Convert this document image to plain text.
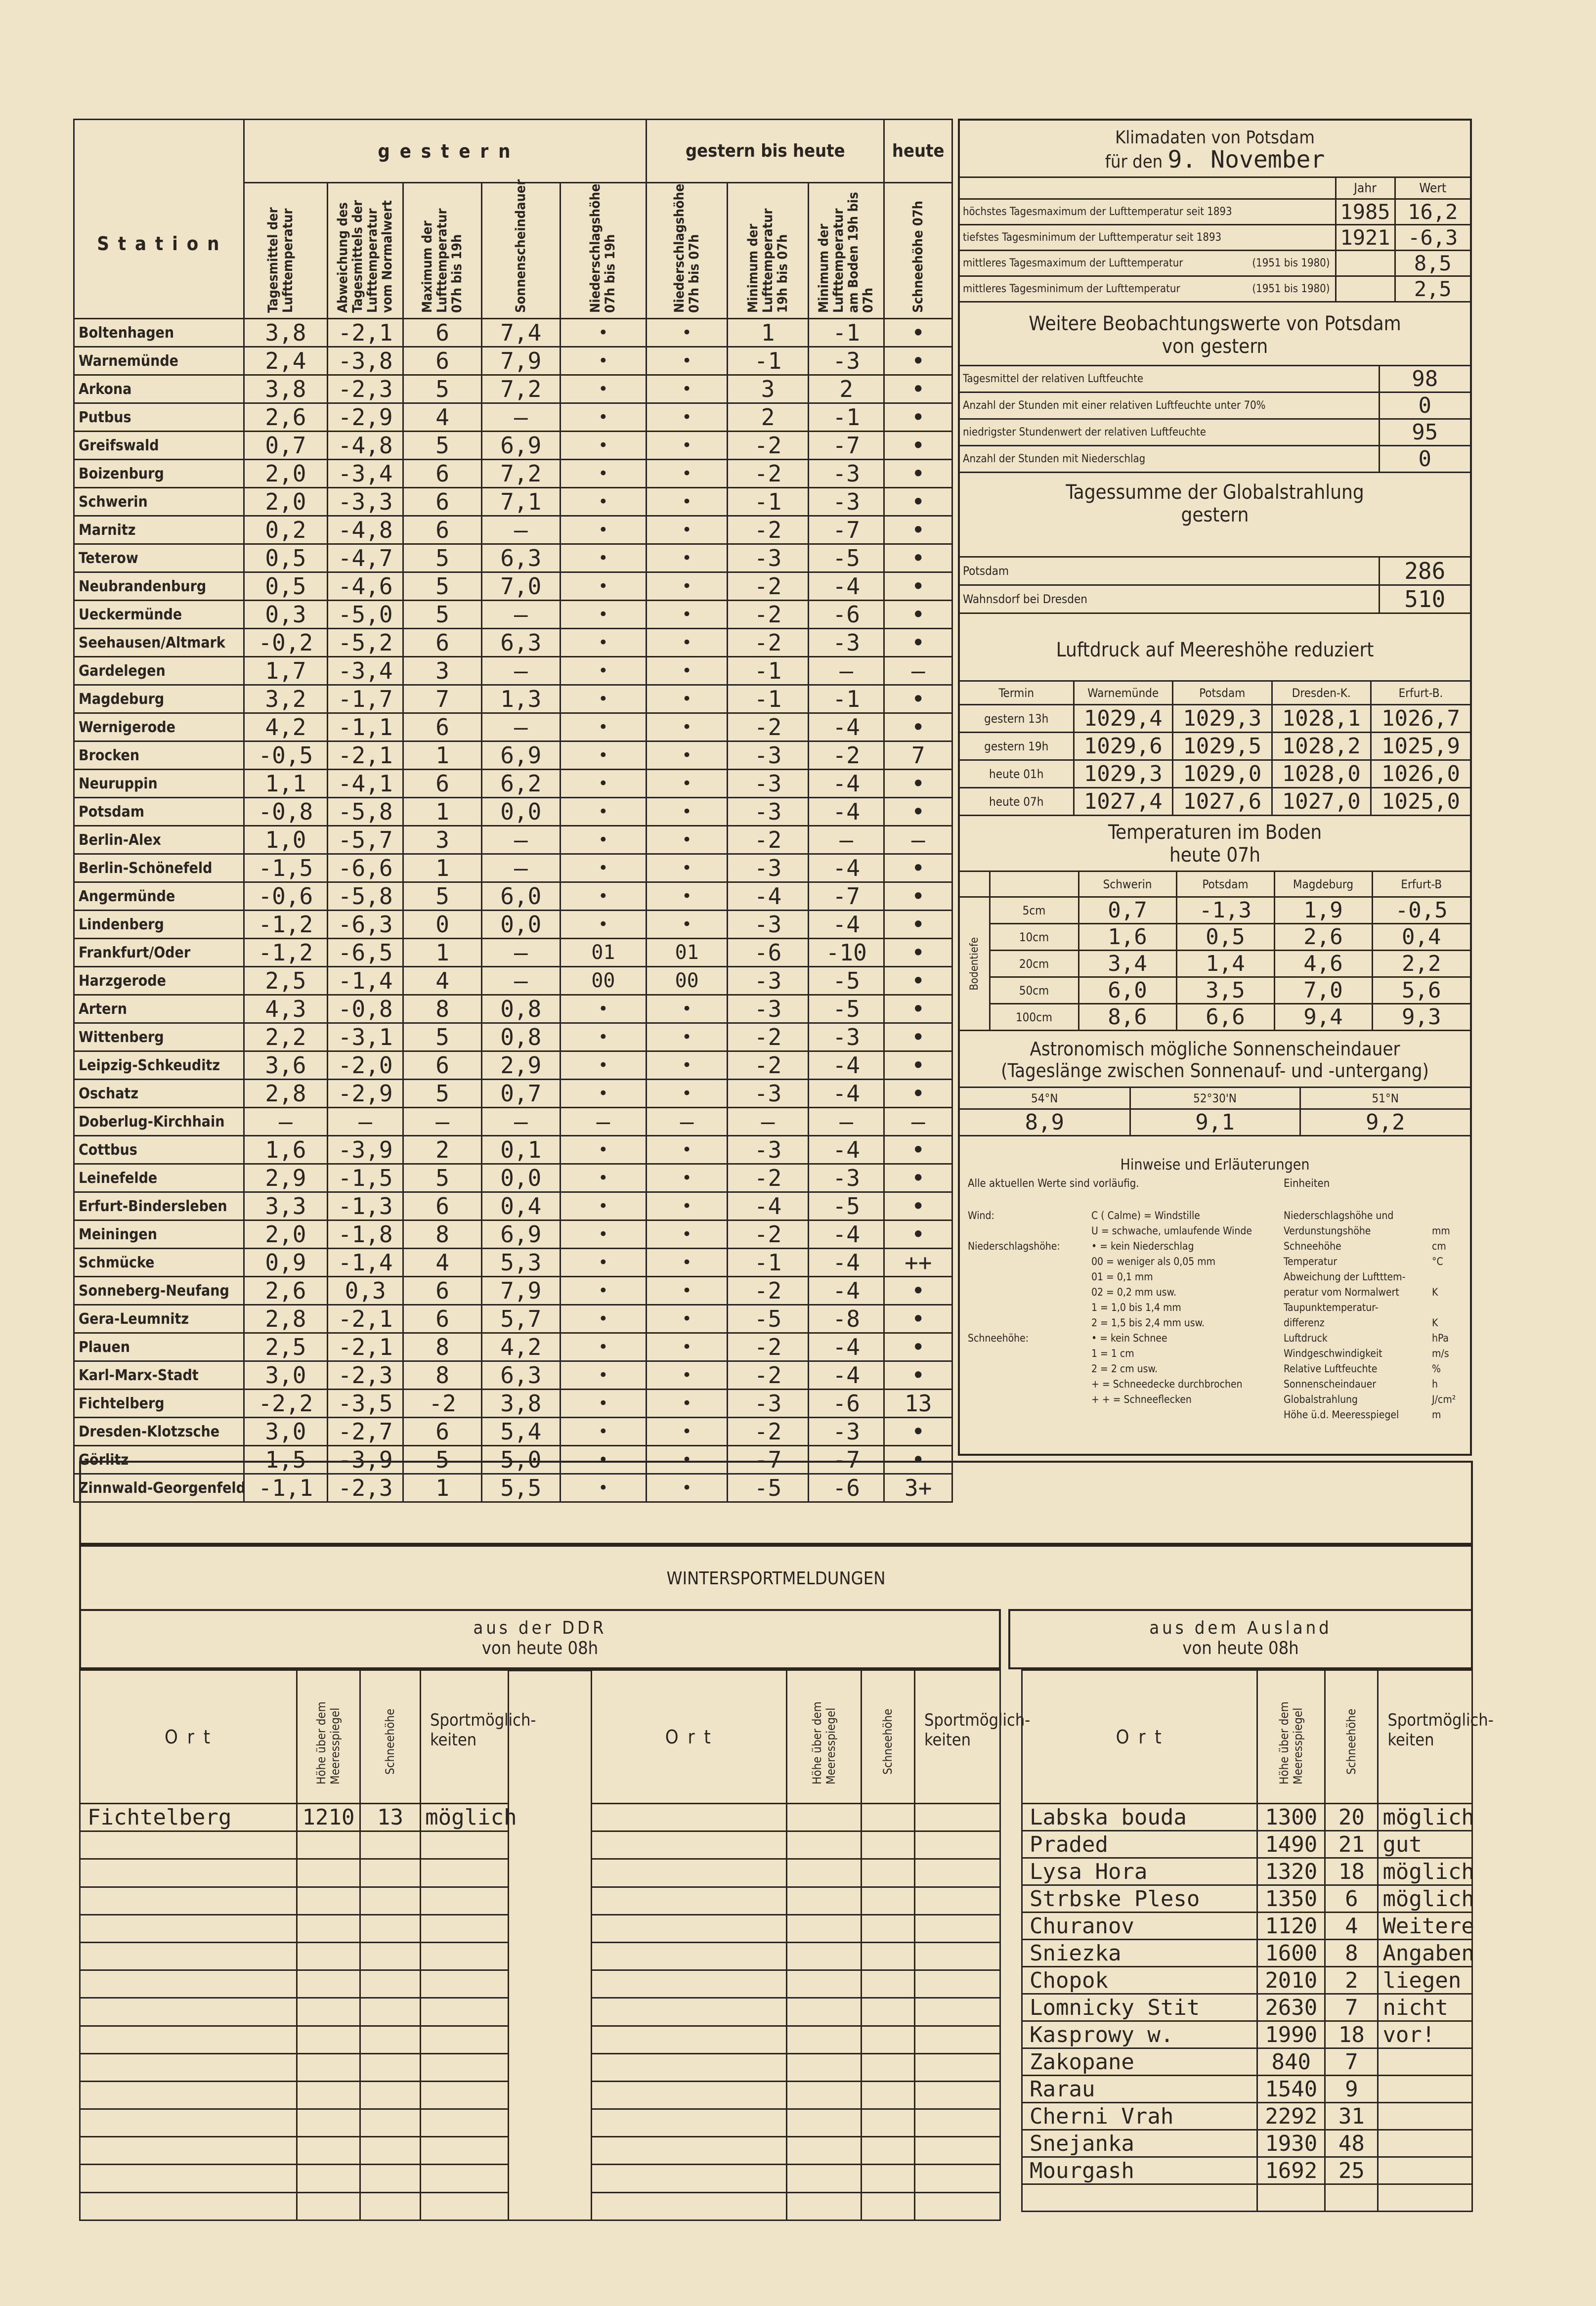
S t a t i o n	g e s t e r n					gestern bis heute			heute

	Tagesmittel der Lufttemperatur	Abweichung des Tagesmittels der Lufttemperatur vom Normalwert	Maximum der Lufttemperatur 07h bis 19h	Sonnenscheindauer	Niederschlagshöhe 07h bis 19h	Niederschlagshöhe 07h bis 07h	Minimum der Lufttemperatur 19h bis 07h	Minimum der Lufttemperatur am Boden 19h bis 07h	Schneehöhe 07h

Boltenhagen	3,8	-2,1	6	7,4	•	•	1	-1	•
Warnemünde	2,4	-3,8	6	7,9	•	•	-1	-3	•
Arkona	3,8	-2,3	5	7,2	•	•	3	2	•
Putbus	2,6	-2,9	4	–	•	•	2	-1	•
Greifswald	0,7	-4,8	5	6,9	•	•	-2	-7	•
Boizenburg	2,0	-3,4	6	7,2	•	•	-2	-3	•
Schwerin	2,0	-3,3	6	7,1	•	•	-1	-3	•
Marnitz	0,2	-4,8	6	–	•	•	-2	-7	•
Teterow	0,5	-4,7	5	6,3	•	•	-3	-5	•
Neubrandenburg	0,5	-4,6	5	7,0	•	•	-2	-4	•
Ueckermünde	0,3	-5,0	5	–	•	•	-2	-6	•
Seehausen/Altmark	-0,2	-5,2	6	6,3	•	•	-2	-3	•
Gardelegen	1,7	-3,4	3	–	•	•	-1	–	–
Magdeburg	3,2	-1,7	7	1,3	•	•	-1	-1	•
Wernigerode	4,2	-1,1	6	–	•	•	-2	-4	•
Brocken	-0,5	-2,1	1	6,9	•	•	-3	-2	7
Neuruppin	1,1	-4,1	6	6,2	•	•	-3	-4	•
Potsdam	-0,8	-5,8	1	0,0	•	•	-3	-4	•
Berlin-Alex	1,0	-5,7	3	–	•	•	-2	–	–
Berlin-Schönefeld	-1,5	-6,6	1	–	•	•	-3	-4	•
Angermünde	-0,6	-5,8	5	6,0	•	•	-4	-7	•
Lindenberg	-1,2	-6,3	0	0,0	•	•	-3	-4	•
Frankfurt/Oder	-1,2	-6,5	1	–	01	01	-6	-10	•
Harzgerode	2,5	-1,4	4	–	00	00	-3	-5	•
Artern	4,3	-0,8	8	0,8	•	•	-3	-5	•
Wittenberg	2,2	-3,1	5	0,8	•	•	-2	-3	•
Leipzig-Schkeuditz	3,6	-2,0	6	2,9	•	•	-2	-4	•
Oschatz	2,8	-2,9	5	0,7	•	•	-3	-4	•
Doberlug-Kirchhain	–	–	–	–	–	–	–	–	–
Cottbus	1,6	-3,9	2	0,1	•	•	-3	-4	•
Leinefelde	2,9	-1,5	5	0,0	•	•	-2	-3	•
Erfurt-Bindersleben	3,3	-1,3	6	0,4	•	•	-4	-5	•
Meiningen	2,0	-1,8	8	6,9	•	•	-2	-4	•
Schmücke	0,9	-1,4	4	5,3	•	•	-1	-4	++
Sonneberg-Neufang	2,6	0,3	6	7,9	•	•	-2	-4	•
Gera-Leumnitz	2,8	-2,1	6	5,7	•	•	-5	-8	•
Plauen	2,5	-2,1	8	4,2	•	•	-2	-4	•
Karl-Marx-Stadt	3,0	-2,3	8	6,3	•	•	-2	-4	•
Fichtelberg	-2,2	-3,5	-2	3,8	•	•	-3	-6	13
Dresden-Klotzsche	3,0	-2,7	6	5,4	•	•	-2	-3	•
Görlitz	1,5	-3,9	5	5,0	•	•	-7	-7	•
Zinnwald-Georgenfeld	-1,1	-2,3	1	5,5	•	•	-5	-6	3+
Klimadaten von Potsdam
für den 9. November
	Jahr	Wert
höchstes Tagesmaximum der Lufttemperatur seit 1893	1985	16,2
tiefstes Tagesminimum der Lufttemperatur seit 1893	1921	-6,3
mittleres Tagesmaximum der Lufttemperatur (1951 bis 1980)		8,5
mittleres Tagesminimum der Lufttemperatur (1951 bis 1980)		2,5
Weitere Beobachtungswerte von Potsdam
von gestern
Tagesmittel der relativen Luftfeuchte	98
Anzahl der Stunden mit einer relativen Luftfeuchte unter 70%	0
niedrigster Stundenwert der relativen Luftfeuchte	95
Anzahl der Stunden mit Niederschlag	0
Tagessumme der Globalstrahlung
gestern
Potsdam	286
Wahnsdorf bei Dresden	510
Luftdruck auf Meereshöhe reduziert
Termin	Warnemünde	Potsdam	Dresden-K.	Erfurt-B.
gestern 13h	1029,4	1029,3	1028,1	1026,7
gestern 19h	1029,6	1029,5	1028,2	1025,9
heute 01h	1029,3	1029,0	1028,0	1026,0
heute 07h	1027,4	1027,6	1027,0	1025,0
Temperaturen im Boden
heute 07h
		Schwerin	Potsdam	Magdeburg	Erfurt-B

Bodentiefe	5cm	0,7	-1,3	1,9	-0,5
	10cm	1,6	0,5	2,6	0,4
	20cm	3,4	1,4	4,6	2,2
	50cm	6,0	3,5	7,0	5,6
	100cm	8,6	6,6	9,4	9,3
Astronomisch mögliche Sonnenscheindauer
(Tageslänge zwischen Sonnenauf- und -untergang)
54°N	52°30'N	51°N
8,9	9,1	9,2
Hinweise und Erläuterungen
Alle aktuellen Werte sind vorläufig.	Einheiten
Wind:	C ( Calme) = Windstille
U = schwache, umlaufende Winde
Niederschlagshöhe:	• = kein Niederschlag
00 = weniger als 0,05 mm
01 = 0,1 mm
02 = 0,2 mm usw.
1 = 1,0 bis 1,4 mm
2 = 1,5 bis 2,4 mm usw.
Schneehöhe:	• = kein Schnee
1 = 1 cm
2 = 2 cm usw.
+ = Schneedecke durchbrochen
+ + = Schneeflecken
Niederschlagshöhe und
Verdunstungshöhe	mm
Schneehöhe	cm
Temperatur	°C
Abweichung der Luftttem-
peratur vom Normalwert	K
Taupunktemperatur-
differenz	K
Luftdruck	hPa
Windgeschwindigkeit	m/s
Relative Luftfeuchte	%
Sonnenscheindauer	h
Globalstrahlung	J/cm²
Höhe ü.d. Meeresspiegel	m
WINTERSPORTMELDUNGEN
aus der DDR
von heute 08h
O r t	Höhe über dem Meeresspiegel	Schneehöhe	Sportmöglich- keiten
Fichtelberg	1210	13	möglich

O r t	Höhe über dem Meeresspiegel	Schneehöhe	Sportmöglich- keiten

aus dem Ausland
von heute 08h
O r t	Höhe über dem Meeresspiegel	Schneehöhe	Sportmöglich- keiten
Labska bouda	1300	20	möglich
Praded	1490	21	gut
Lysa Hora	1320	18	möglich
Strbske Pleso	1350	6	möglich
Churanov	1120	4	Weitere
Sniezka	1600	8	Angaben
Chopok	2010	2	liegen
Lomnicky Stit	2630	7	nicht
Kasprowy w.	1990	18	vor!
Zakopane	840	7	
Rarau	1540	9	
Cherni Vrah	2292	31	
Snejanka	1930	48	
Mourgash	1692	25	
